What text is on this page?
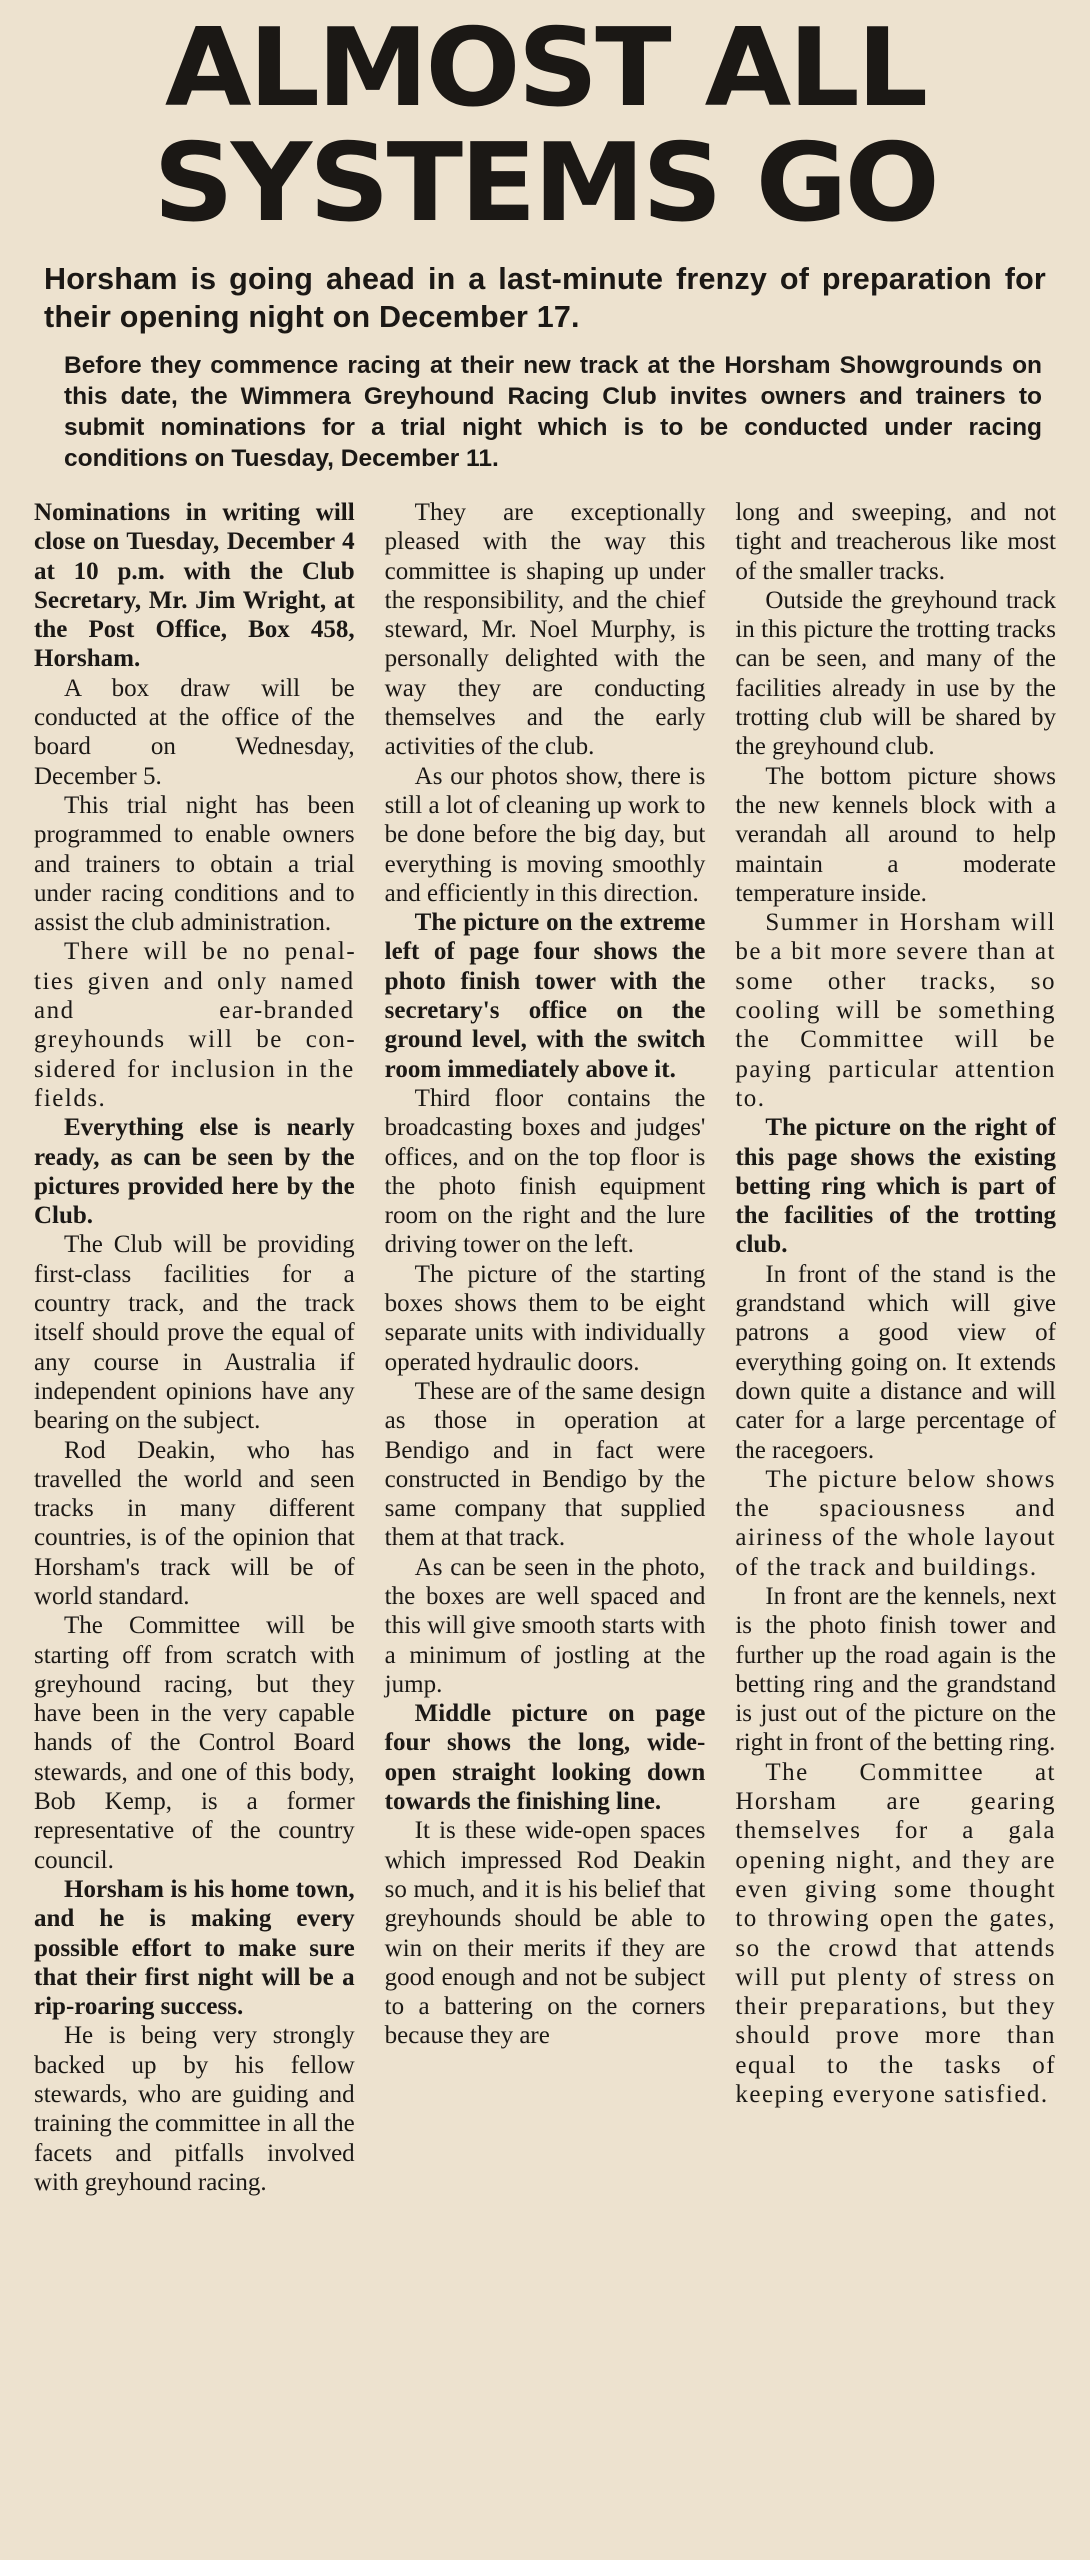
ALMOST ALL
SYSTEMS GO

Horsham is going ahead in a last-minute frenzy of preparation for their opening night on December 17.

Before they commence racing at their new track at the Horsham Showgrounds on this date, the Wimmera Greyhound Racing Club invites owners and trainers to submit nominations for a trial night which is to be conducted under racing conditions on Tuesday, December 11.

Nominations in writing will close on Tuesday, December 4 at 10 p.m. with the Club Secretary, Mr. Jim Wright, at the Post Office, Box 458, Horsham.

A box draw will be conducted at the office of the board on Wednesday, December 5.

This trial night has been programmed to enable owners and trainers to obtain a trial under racing conditions and to assist the club administration.

There will be no penalties given and only named and ear-branded greyhounds will be considered for inclusion in the fields.

Everything else is nearly ready, as can be seen by the pictures provided here by the Club.

The Club will be providing first-class facilities for a country track, and the track itself should prove the equal of any course in Australia if independent opinions have any bearing on the subject.

Rod Deakin, who has travelled the world and seen tracks in many different countries, is of the opinion that Horsham's track will be of world standard.

The Committee will be starting off from scratch with greyhound racing, but they have been in the very capable hands of the Control Board stewards, and one of this body, Bob Kemp, is a former representative of the country council.

Horsham is his home town, and he is making every possible effort to make sure that their first night will be a rip-roaring success.

He is being very strongly backed up by his fellow stewards, who are guiding and training the committee in all the facets and pitfalls involved with greyhound racing.

They are exceptionally pleased with the way this committee is shaping up under the responsibility, and the chief steward, Mr. Noel Murphy, is personally delighted with the way they are conducting themselves and the early activities of the club.

As our photos show, there is still a lot of cleaning up work to be done before the big day, but everything is moving smoothly and efficiently in this direction.

The picture on the extreme left of page four shows the photo finish tower with the secretary's office on the ground level, with the switch room immediately above it.

Third floor contains the broadcasting boxes and judges' offices, and on the top floor is the photo finish equipment room on the right and the lure driving tower on the left.

The picture of the starting boxes shows them to be eight separate units with individually operated hydraulic doors.

These are of the same design as those in operation at Bendigo and in fact were constructed in Bendigo by the same company that supplied them at that track.

As can be seen in the photo, the boxes are well spaced and this will give smooth starts with a minimum of jostling at the jump.

Middle picture on page four shows the long, wide-open straight looking down towards the finishing line.

It is these wide-open spaces which impressed Rod Deakin so much, and it is his belief that greyhounds should be able to win on their merits if they are good enough and not be subject to a battering on the corners because they are

long and sweeping, and not tight and treacherous like most of the smaller tracks.

Outside the greyhound track in this picture the trotting tracks can be seen, and many of the facilities already in use by the trotting club will be shared by the greyhound club.

The bottom picture shows the new kennels block with a verandah all around to help maintain a moderate temperature inside.

Summer in Horsham will be a bit more severe than at some other tracks, so cooling will be something the Committee will be paying particular attention to.

The picture on the right of this page shows the existing betting ring which is part of the facilities of the trotting club.

In front of the stand is the grandstand which will give patrons a good view of everything going on. It extends down quite a distance and will cater for a large percentage of the racegoers.

The picture below shows the spaciousness and airiness of the whole layout of the track and buildings.

In front are the kennels, next is the photo finish tower and further up the road again is the betting ring and the grandstand is just out of the picture on the right in front of the betting ring.

The Committee at Horsham are gearing themselves for a gala opening night, and they are even giving some thought to throwing open the gates, so the crowd that attends will put plenty of stress on their preparations, but they should prove more than equal to the tasks of keeping everyone satisfied.
